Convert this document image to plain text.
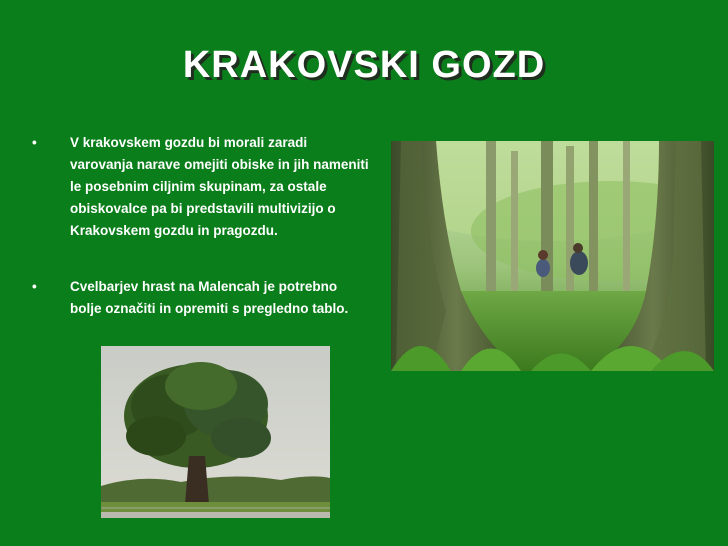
KRAKOVSKI GOZD
• V krakovskem gozdu bi morali zaradi varovanja narave omejiti obiske in jih nameniti le posebnim ciljnim skupinam, za ostale obiskovalce pa bi predstavili multivizijo o Krakovskem gozdu in pragozdu.
• Cvelbarjev hrast na Malencah je potrebno bolje označiti in opremiti s pregledno tablo.
